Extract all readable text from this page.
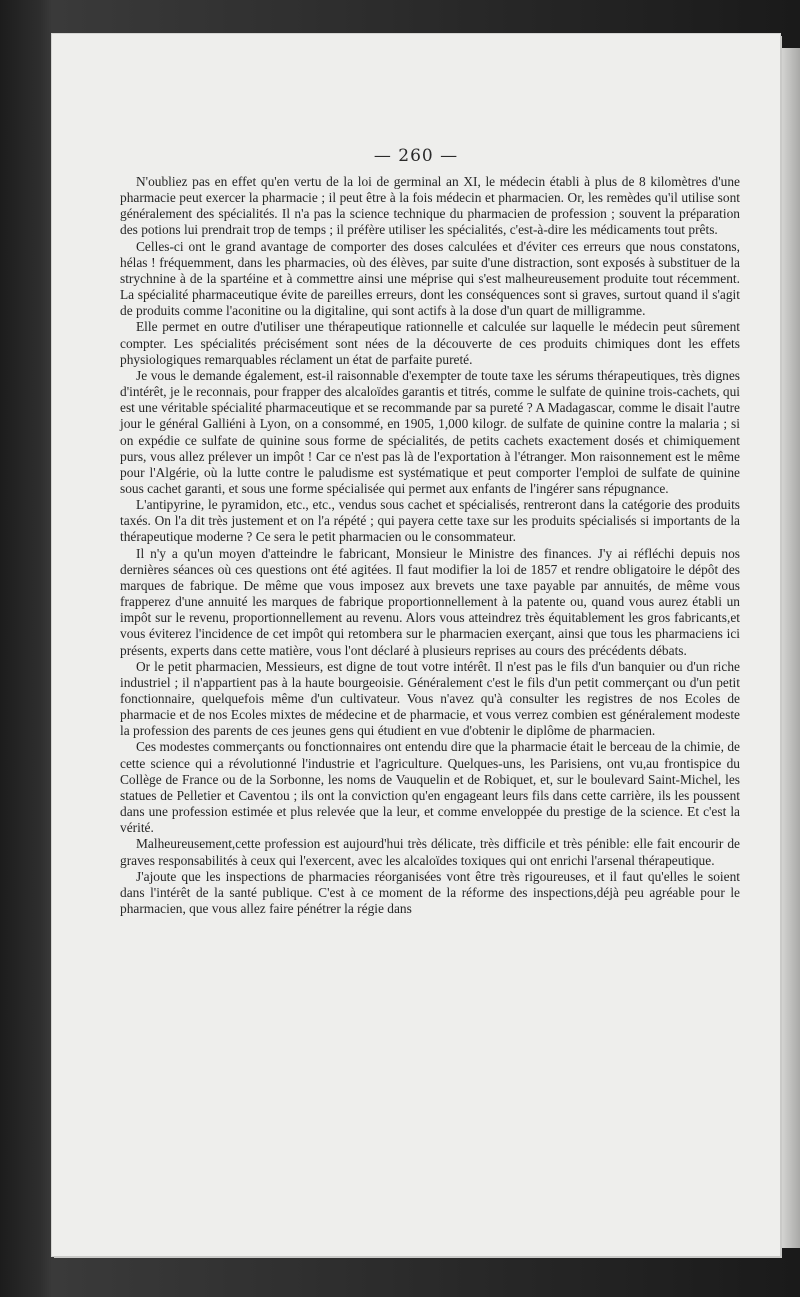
— 260 —

N'oubliez pas en effet qu'en vertu de la loi de germinal an XI, le médecin établi à plus de 8 kilomètres d'une pharmacie peut exercer la pharmacie ; il peut être à la fois médecin et pharmacien. Or, les remèdes qu'il utilise sont généralement des spécialités. Il n'a pas la science technique du pharmacien de profession ; souvent la préparation des potions lui prendrait trop de temps ; il préfère utiliser les spécialités, c'est-à-dire les médicaments tout prêts.

Celles-ci ont le grand avantage de comporter des doses calculées et d'éviter ces erreurs que nous constatons, hélas ! fréquemment, dans les pharmacies, où des élèves, par suite d'une distraction, sont exposés à substituer de la strychnine à de la spartéine et à commettre ainsi une méprise qui s'est malheureusement produite tout récemment. La spécialité pharmaceutique évite de pareilles erreurs, dont les conséquences sont si graves, surtout quand il s'agit de produits comme l'aconitine ou la digitaline, qui sont actifs à la dose d'un quart de milligramme.

Elle permet en outre d'utiliser une thérapeutique rationnelle et calculée sur laquelle le médecin peut sûrement compter. Les spécialités précisément sont nées de la découverte de ces produits chimiques dont les effets physiologiques remarquables réclament un état de parfaite pureté.

Je vous le demande également, est-il raisonnable d'exempter de toute taxe les sérums thérapeutiques, très dignes d'intérêt, je le reconnais, pour frapper des alcaloïdes garantis et titrés, comme le sulfate de quinine trois-cachets, qui est une véritable spécialité pharmaceutique et se recommande par sa pureté ? A Madagascar, comme le disait l'autre jour le général Galliéni à Lyon, on a consommé, en 1905, 1,000 kilogr. de sulfate de quinine contre la malaria ; si on expédie ce sulfate de quinine sous forme de spécialités, de petits cachets exactement dosés et chimiquement purs, vous allez prélever un impôt ! Car ce n'est pas là de l'exportation à l'étranger. Mon raisonnement est le même pour l'Algérie, où la lutte contre le paludisme est systématique et peut comporter l'emploi de sulfate de quinine sous cachet garanti, et sous une forme spécialisée qui permet aux enfants de l'ingérer sans répugnance.

L'antipyrine, le pyramidon, etc., etc., vendus sous cachet et spécialisés, rentreront dans la catégorie des produits taxés. On l'a dit très justement et on l'a répété ; qui payera cette taxe sur les produits spécialisés si importants de la thérapeutique moderne ? Ce sera le petit pharmacien ou le consommateur.

Il n'y a qu'un moyen d'atteindre le fabricant, Monsieur le Ministre des finances. J'y ai réfléchi depuis nos dernières séances où ces questions ont été agitées. Il faut modifier la loi de 1857 et rendre obligatoire le dépôt des marques de fabrique. De même que vous imposez aux brevets une taxe payable par annuités, de même vous frapperez d'une annuité les marques de fabrique proportionnellement à la patente ou, quand vous aurez établi un impôt sur le revenu, proportionnellement au revenu. Alors vous atteindrez très équitablement les gros fabricants,et vous éviterez l'incidence de cet impôt qui retombera sur le pharmacien exerçant, ainsi que tous les pharmaciens ici présents, experts dans cette matière, vous l'ont déclaré à plusieurs reprises au cours des précédents débats.

Or le petit pharmacien, Messieurs, est digne de tout votre intérêt. Il n'est pas le fils d'un banquier ou d'un riche industriel ; il n'appartient pas à la haute bourgeoisie. Généralement c'est le fils d'un petit commerçant ou d'un petit fonctionnaire, quelquefois même d'un cultivateur. Vous n'avez qu'à consulter les registres de nos Ecoles de pharmacie et de nos Ecoles mixtes de médecine et de pharmacie, et vous verrez combien est généralement modeste la profession des parents de ces jeunes gens qui étudient en vue d'obtenir le diplôme de pharmacien.

Ces modestes commerçants ou fonctionnaires ont entendu dire que la pharmacie était le berceau de la chimie, de cette science qui a révolutionné l'industrie et l'agriculture. Quelques-uns, les Parisiens, ont vu,au frontispice du Collège de France ou de la Sorbonne, les noms de Vauquelin et de Robiquet, et, sur le boulevard Saint-Michel, les statues de Pelletier et Caventou ; ils ont la conviction qu'en engageant leurs fils dans cette carrière, ils les poussent dans une profession estimée et plus relevée que la leur, et comme enveloppée du prestige de la science. Et c'est la vérité.

Malheureusement,cette profession est aujourd'hui très délicate, très difficile et très pénible: elle fait encourir de graves responsabilités à ceux qui l'exercent, avec les alcaloïdes toxiques qui ont enrichi l'arsenal thérapeutique.

J'ajoute que les inspections de pharmacies réorganisées vont être très rigoureuses, et il faut qu'elles le soient dans l'intérêt de la santé publique. C'est à ce moment de la réforme des inspections,déjà peu agréable pour le pharmacien, que vous allez faire pénétrer la régie dans
